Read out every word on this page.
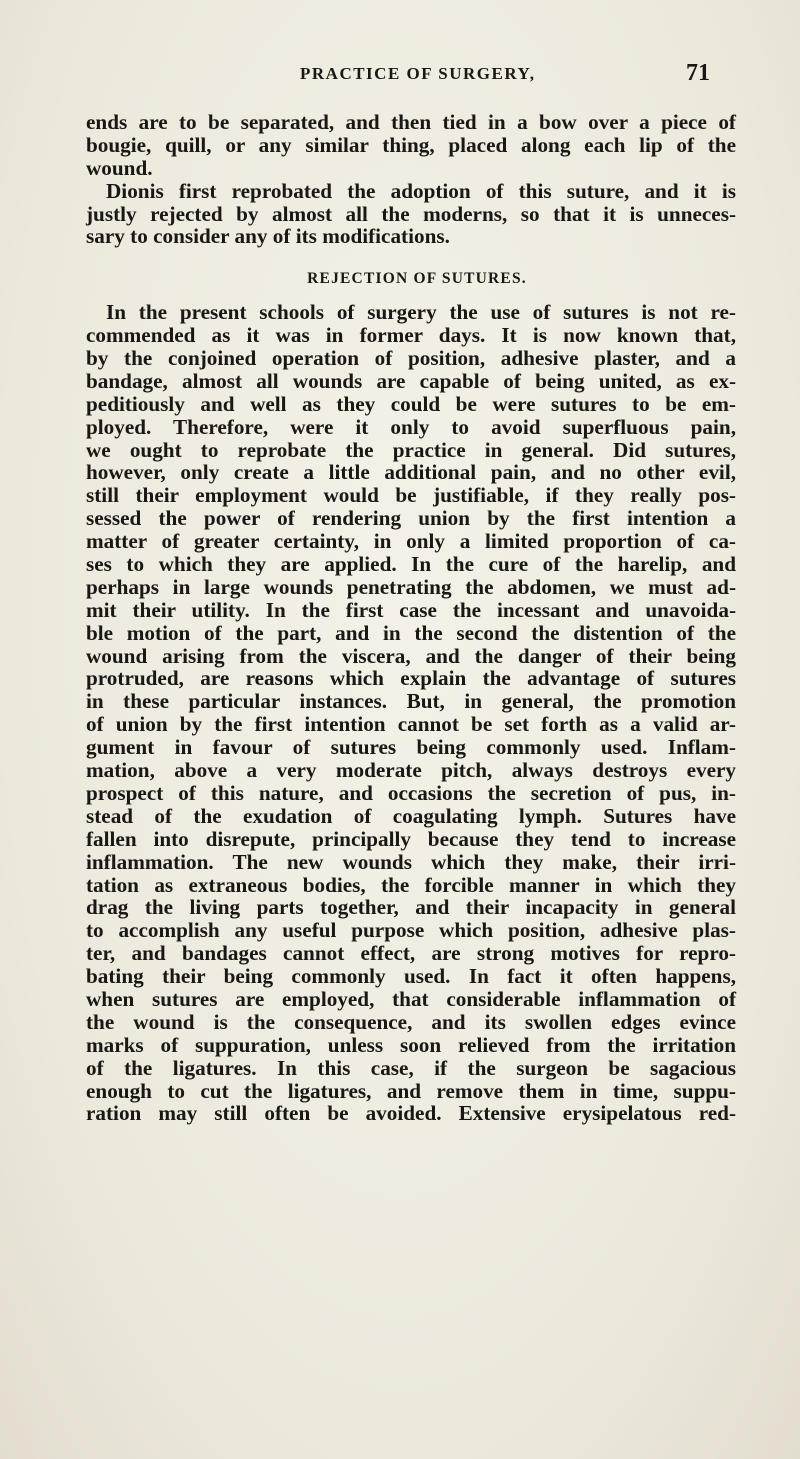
PRACTICE OF SURGERY,	71
ends are to be separated, and then tied in a bow over a piece of
bougie, quill, or any similar thing, placed along each lip of the
wound.
Dionis first reprobated the adoption of this suture, and it is
justly rejected by almost all the moderns, so that it is unneces-
sary to consider any of its modifications.
REJECTION OF SUTURES.
In the present schools of surgery the use of sutures is not re-
commended as it was in former days. It is now known that,
by the conjoined operation of position, adhesive plaster, and a
bandage, almost all wounds are capable of being united, as ex-
peditiously and well as they could be were sutures to be em-
ployed. Therefore, were it only to avoid superfluous pain,
we ought to reprobate the practice in general. Did sutures,
however, only create a little additional pain, and no other evil,
still their employment would be justifiable, if they really pos-
sessed the power of rendering union by the first intention a
matter of greater certainty, in only a limited proportion of ca-
ses to which they are applied. In the cure of the harelip, and
perhaps in large wounds penetrating the abdomen, we must ad-
mit their utility. In the first case the incessant and unavoida-
ble motion of the part, and in the second the distention of the
wound arising from the viscera, and the danger of their being
protruded, are reasons which explain the advantage of sutures
in these particular instances. But, in general, the promotion
of union by the first intention cannot be set forth as a valid ar-
gument in favour of sutures being commonly used. Inflam-
mation, above a very moderate pitch, always destroys every
prospect of this nature, and occasions the secretion of pus, in-
stead of the exudation of coagulating lymph. Sutures have
fallen into disrepute, principally because they tend to increase
inflammation. The new wounds which they make, their irri-
tation as extraneous bodies, the forcible manner in which they
drag the living parts together, and their incapacity in general
to accomplish any useful purpose which position, adhesive plas-
ter, and bandages cannot effect, are strong motives for repro-
bating their being commonly used. In fact it often happens,
when sutures are employed, that considerable inflammation of
the wound is the consequence, and its swollen edges evince
marks of suppuration, unless soon relieved from the irritation
of the ligatures. In this case, if the surgeon be sagacious
enough to cut the ligatures, and remove them in time, suppu-
ration may still often be avoided. Extensive erysipelatous red-
